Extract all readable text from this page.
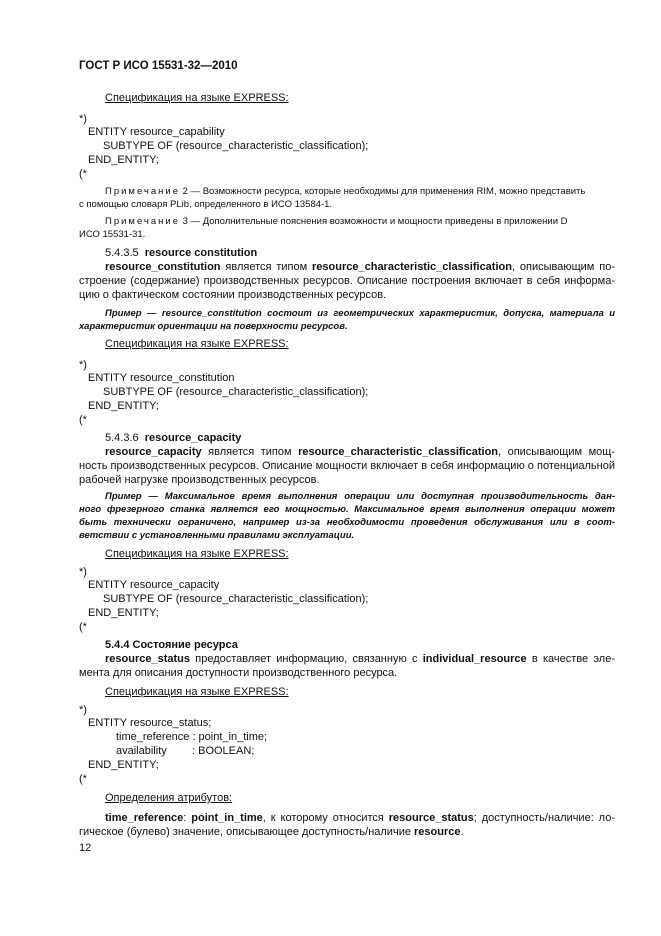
ГОСТ Р ИСО 15531-32—2010
Спецификация на языке EXPRESS:
*)
ENTITY resource_capability
SUBTYPE OF (resource_characteristic_classification);
END_ENTITY;
(*
Примечание 2 — Возможности ресурса, которые необходимы для применения RIM, можно представить
с помощью словаря PLib, определенного в ИСО 13584-1.
Примечание 3 — Дополнительные пояснения возможности и мощности приведены в приложении D
ИСО 15531-31.
5.4.3.5 resource constitution
resource_constitution является типом resource_characteristic_classification, описывающим по-
строение (содержание) производственных ресурсов. Описание построения включает в себя информа-
цию о фактическом состоянии производственных ресурсов.
Пример — resource_constitution состоит из геометрических характеристик, допуска, материала и
характеристик ориентации на поверхности ресурсов.
Спецификация на языке EXPRESS:
*)
ENTITY resource_constitution
SUBTYPE OF (resource_characteristic_classification);
END_ENTITY;
(*
5.4.3.6 resource_capacity
resource_capacity является типом resource_characteristic_classification, описывающим мощ-
ность производственных ресурсов. Описание мощности включает в себя информацию о потенциальной
рабочей нагрузке производственных ресурсов.
Пример — Максимальное время выполнения операции или доступная производительность дан-
ного фрезерного станка является его мощностью. Максимальное время выполнения операции может
быть технически ограничено, например из-за необходимости проведения обслуживания или в соот-
ветствии с установленными правилами эксплуатации.
Спецификация на языке EXPRESS:
*)
ENTITY resource_capacity
SUBTYPE OF (resource_characteristic_classification);
END_ENTITY;
(*
5.4.4 Состояние ресурса
resource_status предоставляет информацию, связанную с individual_resource в качестве эле-
мента для описания доступности производственного ресурса.
Спецификация на языке EXPRESS:
*)
ENTITY resource_status;
time_reference : point_in_time;
availability : BOOLEAN;
END_ENTITY;
(*
Определения атрибутов:
time_reference: point_in_time, к которому относится resource_status; доступность/наличие: ло-
гическое (булево) значение, описывающее доступность/наличие resource.
12
